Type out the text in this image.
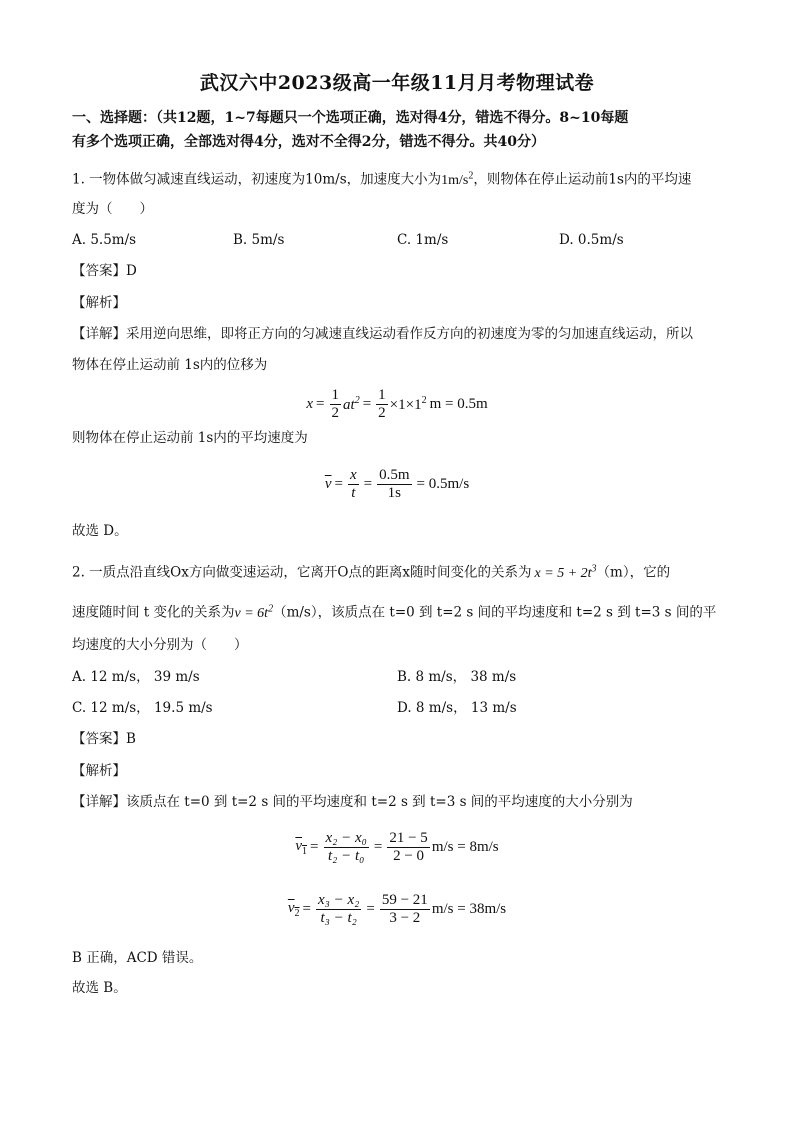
武汉六中2023级高一年级11月月考物理试卷
一、选择题：（共12题，1~7每题只一个选项正确，选对得4分，错选不得分。8~10每题
有多个选项正确，全部选对得4分，选对不全得2分，错选不得分。共40分）
1. 一物体做匀减速直线运动，初速度为10m/s，加速度大小为$1m/s^2$，则物体在停止运动前1s内的平均速
度为（　　）
A. 5.5m/s	B. 5m/s	C. 1m/s	D. 0.5m/s
【答案】D
【解析】
【详解】采用逆向思维，即将正方向的匀减速直线运动看作反方向的初速度为零的匀加速直线运动，所以
物体在停止运动前 1s内的位移为
$x = \frac{1}{2} at^2 = \frac{1}{2} \times 1\times 1^2$ m = 0.5m
则物体在停止运动前 1s内的平均速度为
$\overline{v} = \frac{x}{t} = \frac{0.5m}{1s} = 0.5m/s$
故选 D。
2. 一质点沿直线Ox方向做变速运动，它离开O点的距离x随时间变化的关系为 $x = 5 + 2t^3(m)$，它的
速度随时间 t 变化的关系为$v = 6t^2(m/s)$，该质点在 t=0 到 t=2 s 间的平均速度和 t=2 s 到 t=3 s 间的平
均速度的大小分别为（　　）
A. 12 m/s， 39 m/s	B. 8 m/s， 38 m/s
C. 12 m/s， 19.5 m/s	D. 8 m/s， 13 m/s
【答案】B
【解析】
【详解】该质点在 t=0 到 t=2 s 间的平均速度和 t=2 s 到 t=3 s 间的平均速度的大小分别为
$v_1 = \frac{\text{x₂ − x₀}}{\text{t₂ − t₀}} = \frac{21 - 5}{2 - 0} m/s = 8m/s$
$v_2 = \frac{\text{x₃ − x₂}}{\text{t₃ − t₂}} = \frac{59 - 21}{3 - 2} m/s = 38m/s$
B 正确，ACD 错误。
故选 B。
